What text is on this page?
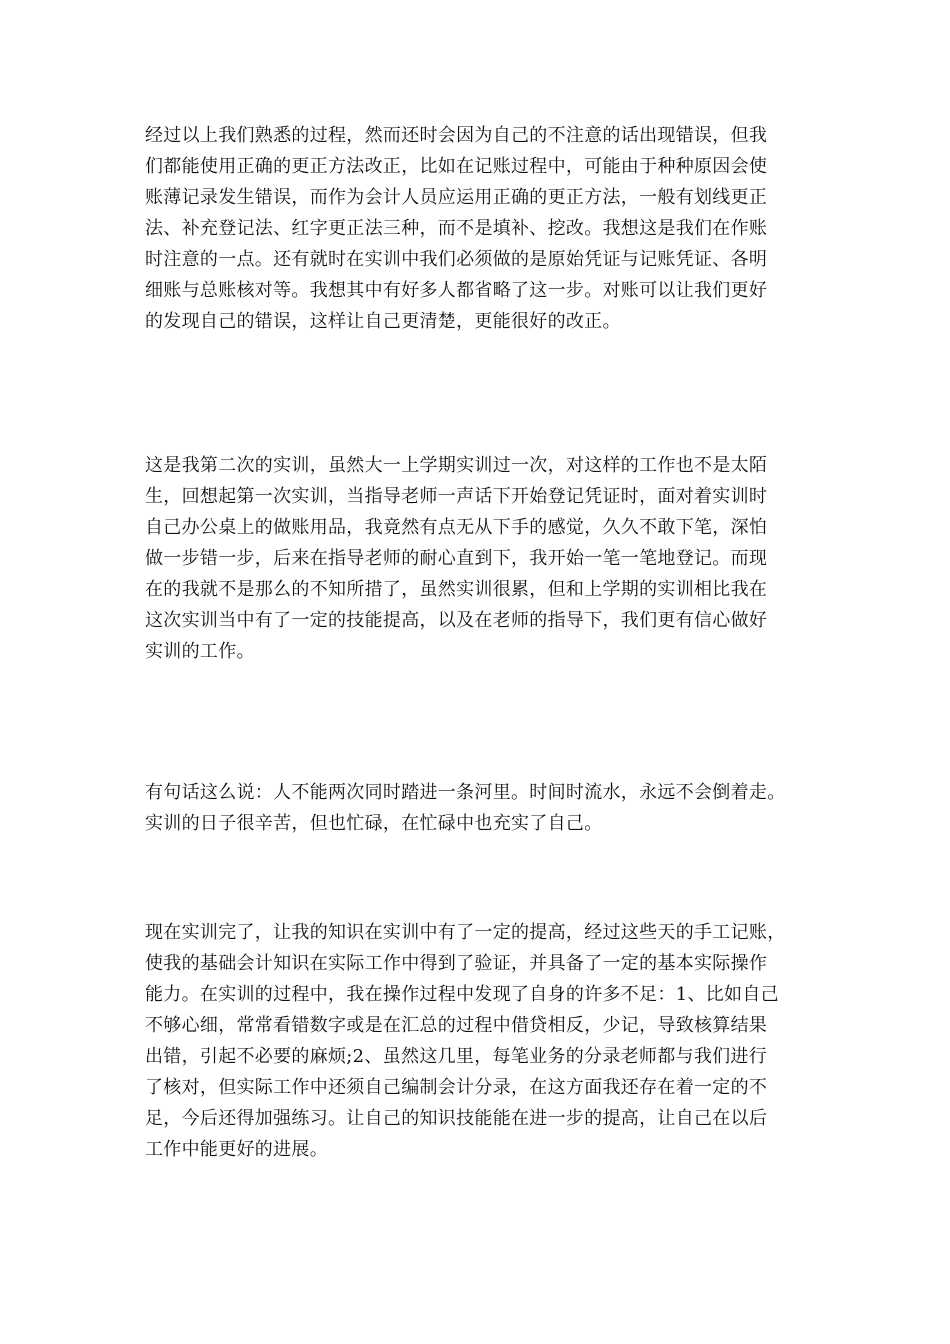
经过以上我们熟悉的过程，然而还时会因为自己的不注意的话出现错误，但我
们都能使用正确的更正方法改正，比如在记账过程中，可能由于种种原因会使
账薄记录发生错误，而作为会计人员应运用正确的更正方法，一般有划线更正
法、补充登记法、红字更正法三种，而不是填补、挖改。我想这是我们在作账
时注意的一点。还有就时在实训中我们必须做的是原始凭证与记账凭证、各明
细账与总账核对等。我想其中有好多人都省略了这一步。对账可以让我们更好
的发现自己的错误，这样让自己更清楚，更能很好的改正。
这是我第二次的实训，虽然大一上学期实训过一次，对这样的工作也不是太陌
生，回想起第一次实训，当指导老师一声话下开始登记凭证时，面对着实训时
自己办公桌上的做账用品，我竟然有点无从下手的感觉，久久不敢下笔，深怕
做一步错一步，后来在指导老师的耐心直到下，我开始一笔一笔地登记。而现
在的我就不是那么的不知所措了，虽然实训很累，但和上学期的实训相比我在
这次实训当中有了一定的技能提高，以及在老师的指导下，我们更有信心做好
实训的工作。
有句话这么说：人不能两次同时踏进一条河里。时间时流水，永远不会倒着走。
实训的日子很辛苦，但也忙碌，在忙碌中也充实了自己。
现在实训完了，让我的知识在实训中有了一定的提高，经过这些天的手工记账，
使我的基础会计知识在实际工作中得到了验证，并具备了一定的基本实际操作
能力。在实训的过程中，我在操作过程中发现了自身的许多不足：1、比如自己
不够心细，常常看错数字或是在汇总的过程中借贷相反，少记，导致核算结果
出错，引起不必要的麻烦;2、虽然这几里，每笔业务的分录老师都与我们进行
了核对，但实际工作中还须自己编制会计分录，在这方面我还存在着一定的不
足，今后还得加强练习。让自己的知识技能能在进一步的提高，让自己在以后
工作中能更好的进展。
